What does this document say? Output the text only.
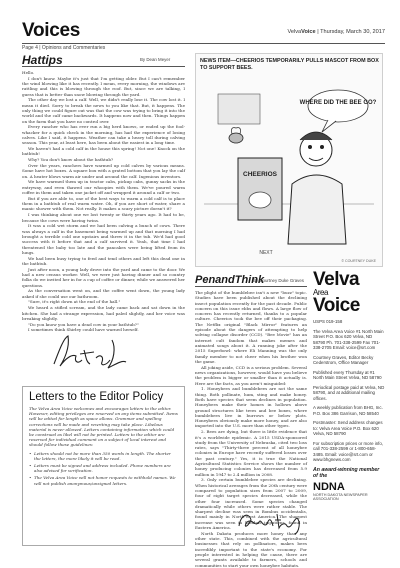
Voices	VelvaVoice | Thursday, March 30, 2017
Page 4 | Opinions and Commentaries
Hattips	By Dean Meyer

Hello.

I don't know. Maybe it's just that I'm getting older. But I can't remember the wind blowing like it has recently. I mean, every morning, the windows are rattling and this is blowing through the roof. But, since we are talking, I guess that is better than snow blowing through the yard.

The other day we lost a calf. Well, we didn't really lose it. The cow lost it. I mean it died. Sorry to break the news to you like that. But, it happens. The only thing we could figure out was that the cow was trying to bring it into the world and the calf came backwards. It happens now and then. Things happen on the farm that you have no control over.

Every rancher who has ever run a big herd knows, or ended up the fool-whacker for a quick check in the morning, has had the experience of losing calves. Like I said, it happens. Weather can take a heavy toll during calving season. This year, at least here, has been about the easiest in a long time.

We haven't had a cold calf in the house this spring! Not one! Knock on the bathtub!

Why? You don't know about the bathtub?

Over the years, ranchers have warmed up cold calves by various means. Some have hot boxes. A square box with a grated bottom that you lay the calf on. A heater blows warm air under and around the calf. Ingenious inventors.

We have warmed them up in tractor cabs, pickup cabs, gunny sacks in the entryway, and even thawed our whoopies with them. We've poured warm coffee in them and taken one jacket off and wrapped it around a calf or two.

But if you are able to, one of the best ways to warm a cold calf is to place them in a bathtub of real warm water. Oh, if you are short of water, share a manic shower with them. Not really. It makes a scary picture doesn't it?

I was thinking about one we lost twenty or thirty years ago. It had to be, because the cows were having twins.

It was a cold wet storm and we had been calving a bunch of cows. There was always a calf in the basement being warmed up and that morning I had brought a terrible cold one upstairs and threw it in the tub. We'd had good success with it before that and a calf survived it. Yeah, that time I had threatened the baby too late and the pancakes were being lifted from its lungs.

We had been busy trying to feed and tend others and left this dead one in the bathtub.

Just after noon, a young lady drove into the yard and came to the door. We had a new census worker. Well, we were just having dinner and so country folks do we invited her in for a cup of coffee or dinner, while we answered her questions.

As the conversation went on, and the coffee went down, the young lady asked if she could use our bathroom.

"Sure, it's right down at the end of the hall."

We heard a stifled scream, and the lady came back and sat down in the kitchen. She had a strange expression, had paled slightly, and her voice was breaking slightly.

"Do you know you have a dead cow in your bathtub?"

I sometimes think Shirley could have warned herself.

NEWS ITEM—CHEERIOS TEMPORARILY PULLS MASCOT FROM BOX TO SUPPORT BEES.
WHERE DID THE BEE GO?
CHEERIOS
NEXT
© COURTNEY DUKE
PenandThink
By Courtney Duke Graves

The plight of the bumblebee isn't a new "buzz" topic. Studies have been published about the declining insect population recently for the past decade. Public concern on this issue ebbs and flows. A large flow of concern has recently returned, thanks to a popular culture. Cheerios took the bee off their packaging. The Netflix original "Black Mirror" features an episode about the dangers of attempting to help solving collapse disorder (CCD). "Bee Movie" has an internet cult fandom that makes memes and animated songs about it. A running joke after the 2015 Superbowl: where Eli Manning was the only family member to not cheer when his brother won the game.

All joking aside, CCD is a serious problem. Several news organizations, however, would have you believe the problem is bigger or smaller than it actually is. Here are the facts, as you aren't misguided:

1. Honeybees and bumblebees are not the same thing. Both pollinate, hum, sting and make honey. Both have species that seem declines in population. Honeybees make their homes in hollows above ground structures like trees and bee boxes, where bumblebees live in burrows or below plots. Honeybees obviously make more honey, and are also imported into the U.S. more than other types.

2. Bees are dying, but there is little evidence that it's a worldwide epidemic. A 2015 USDA-sponsored study from the University of Nebraska, cited two loss rates, says "Thirty-three percent of all honeybee colonies in Europe have recently suffered losses over the past century." Yes, it is true the National Agricultural Statistics Service shows the number of honey producing colonies has decreased from 5.9 million in 1947 to 2.4 million in 2008.

3. Only certain bumblebee species are declining. When historical averages from the 20th century were compared to population sizes from 2007 to 2009, four of eight target species decreased, while the other four increased. Some species changed dramatically while others were rather stable. The sharpest decline was seen in Bombus occidentalis, found mainly in North-west America. The sharpest increase was seen in Bombus impatiens, found in Eastern America.

North Dakota produces more honey than any other state. This, combined with the agricultural businesses that rely on pollinators, makes bees incredibly important to the state's economy. For people interested in helping the cause, there are several grants available to farmers, schools and communities to start your own honeybee habitats.

Letters to the Editor Policy
The Velva Area Voice welcomes and encourages letters to the editor. However, editing privileges are reserved on any items submitted. Items will be edited for length as space allows. Grammar and spelling corrections will be made and rewriting may take place. Libelous material is never allowed. Letters containing information which could be construed as libel will not be printed. Letters to the editor are reserved for individual comment on a subject of local interest and should follow these guidelines:
• Letters should not be more than 350 words in length. The shorter the letters, the more likely it will be read.
• Letters must be signed and address included. Phone numbers are also advised for verification.
• The Velva Area Voice will not honor requests to withhold names. We will not publish anonymous/unsigned letters.
Velva
Area
Voice

USPS 019-158

The Velva Area Voice #1 North Main Street P.O. Box 620 Velva, ND 58790 Ph. 701-338-2599 Fax 701-338-2705 Email: voice@srt.com

Courtney Graves, Editor Becky Cederstrom, Office Manager

Published every Thursday at #1 North Main Street Velva, ND 58790

Periodical postage paid at Velva, ND 58790, and at additional mailing offices.

A weekly publication from BHG, Inc. P.O. Box 386 Garrison, ND 58540

Postmaster: Send address changes to: Velva Area Voice P.O. Box 620 Velva, ND 58790

For subscription prices or more info, call 701-338-2599 or 1-800-658-3485. Email: voice@srt.com or www.bhgnews.com

An award-winning member of the
NDNA
NORTH DAKOTA NEWSPAPER ASSOCIATION
